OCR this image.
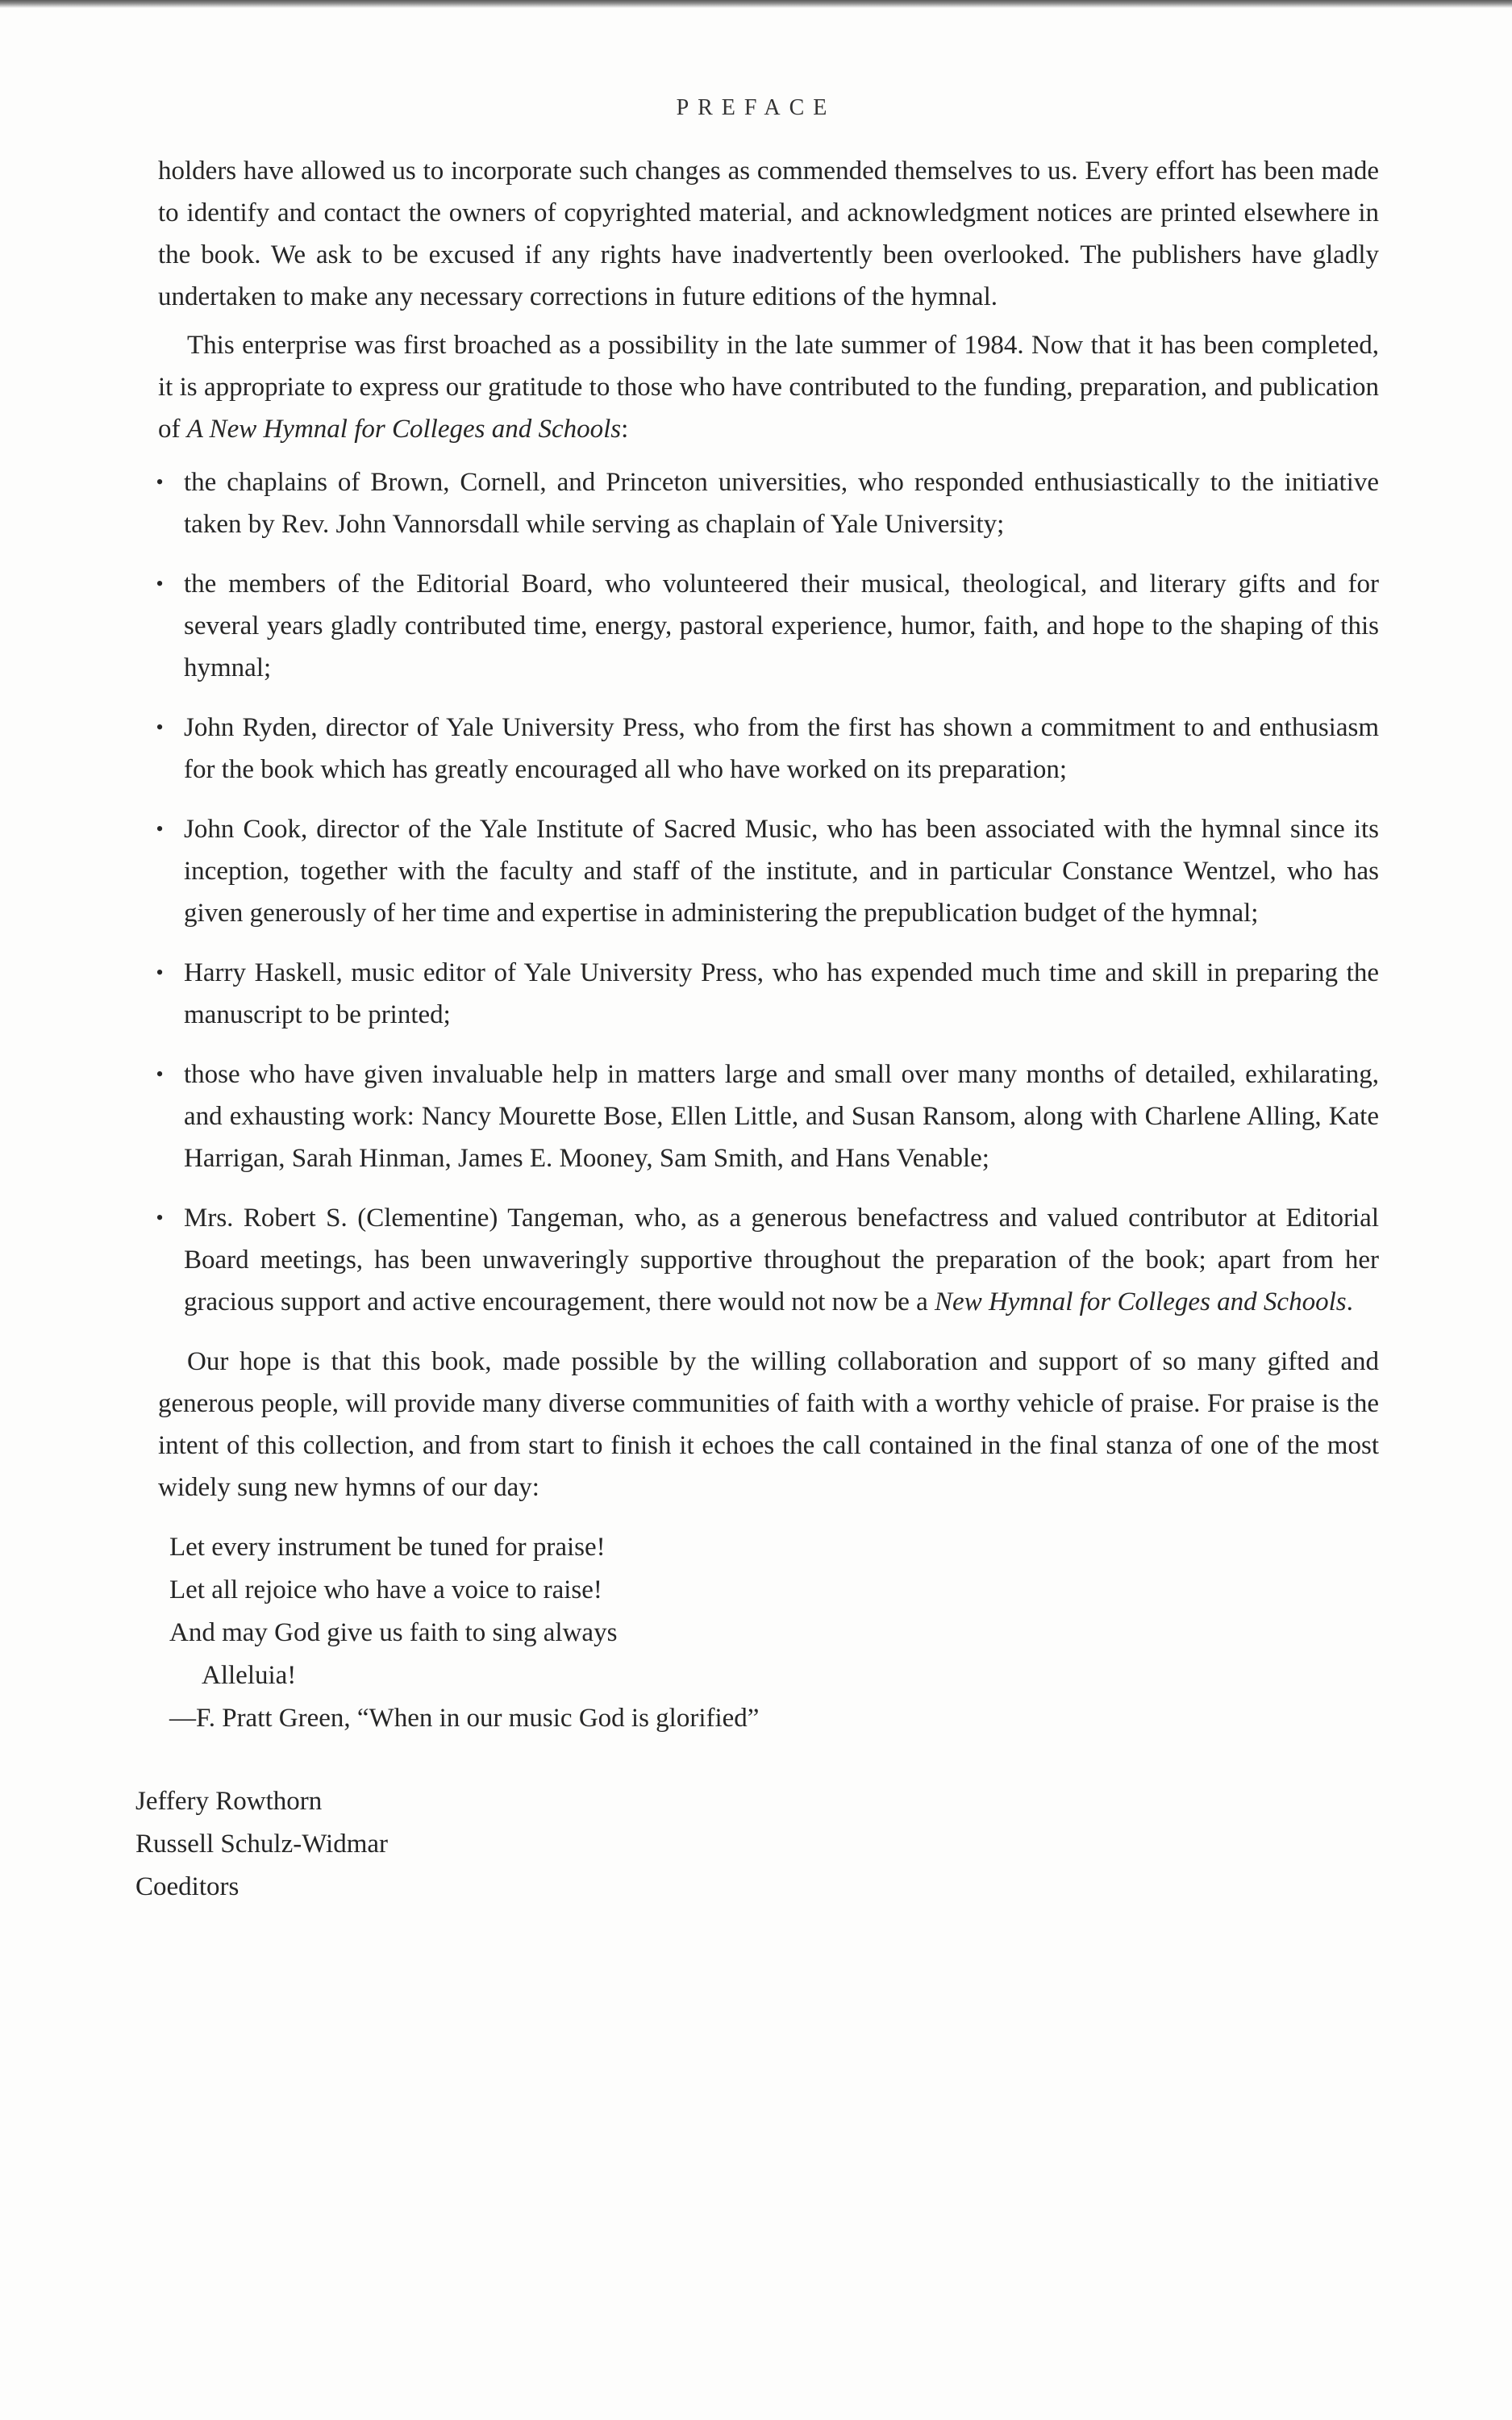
PREFACE

holders have allowed us to incorporate such changes as commended themselves to us. Every effort has been made to identify and contact the owners of copyrighted material, and acknowledgment notices are printed elsewhere in the book. We ask to be excused if any rights have inadvertently been overlooked. The publishers have gladly undertaken to make any necessary corrections in future editions of the hymnal.

This enterprise was first broached as a possibility in the late summer of 1984. Now that it has been completed, it is appropriate to express our gratitude to those who have contributed to the funding, preparation, and publication of A New Hymnal for Colleges and Schools:

• the chaplains of Brown, Cornell, and Princeton universities, who responded enthusiastically to the initiative taken by Rev. John Vannorsdall while serving as chaplain of Yale University;
• the members of the Editorial Board, who volunteered their musical, theological, and literary gifts and for several years gladly contributed time, energy, pastoral experience, humor, faith, and hope to the shaping of this hymnal;
• John Ryden, director of Yale University Press, who from the first has shown a commitment to and enthusiasm for the book which has greatly encouraged all who have worked on its preparation;
• John Cook, director of the Yale Institute of Sacred Music, who has been associated with the hymnal since its inception, together with the faculty and staff of the institute, and in particular Constance Wentzel, who has given generously of her time and expertise in administering the prepublication budget of the hymnal;
• Harry Haskell, music editor of Yale University Press, who has expended much time and skill in preparing the manuscript to be printed;
• those who have given invaluable help in matters large and small over many months of detailed, exhilarating, and exhausting work: Nancy Mourette Bose, Ellen Little, and Susan Ransom, along with Charlene Alling, Kate Harrigan, Sarah Hinman, James E. Mooney, Sam Smith, and Hans Venable;
• Mrs. Robert S. (Clementine) Tangeman, who, as a generous benefactress and valued contributor at Editorial Board meetings, has been unwaveringly supportive throughout the preparation of the book; apart from her gracious support and active encouragement, there would not now be a New Hymnal for Colleges and Schools.

Our hope is that this book, made possible by the willing collaboration and support of so many gifted and generous people, will provide many diverse communities of faith with a worthy vehicle of praise. For praise is the intent of this collection, and from start to finish it echoes the call contained in the final stanza of one of the most widely sung new hymns of our day:

Let every instrument be tuned for praise!
Let all rejoice who have a voice to raise!
And may God give us faith to sing always
Alleluia!
—F. Pratt Green, “When in our music God is glorified”
Jeffery Rowthorn
Russell Schulz-Widmar
Coeditors
